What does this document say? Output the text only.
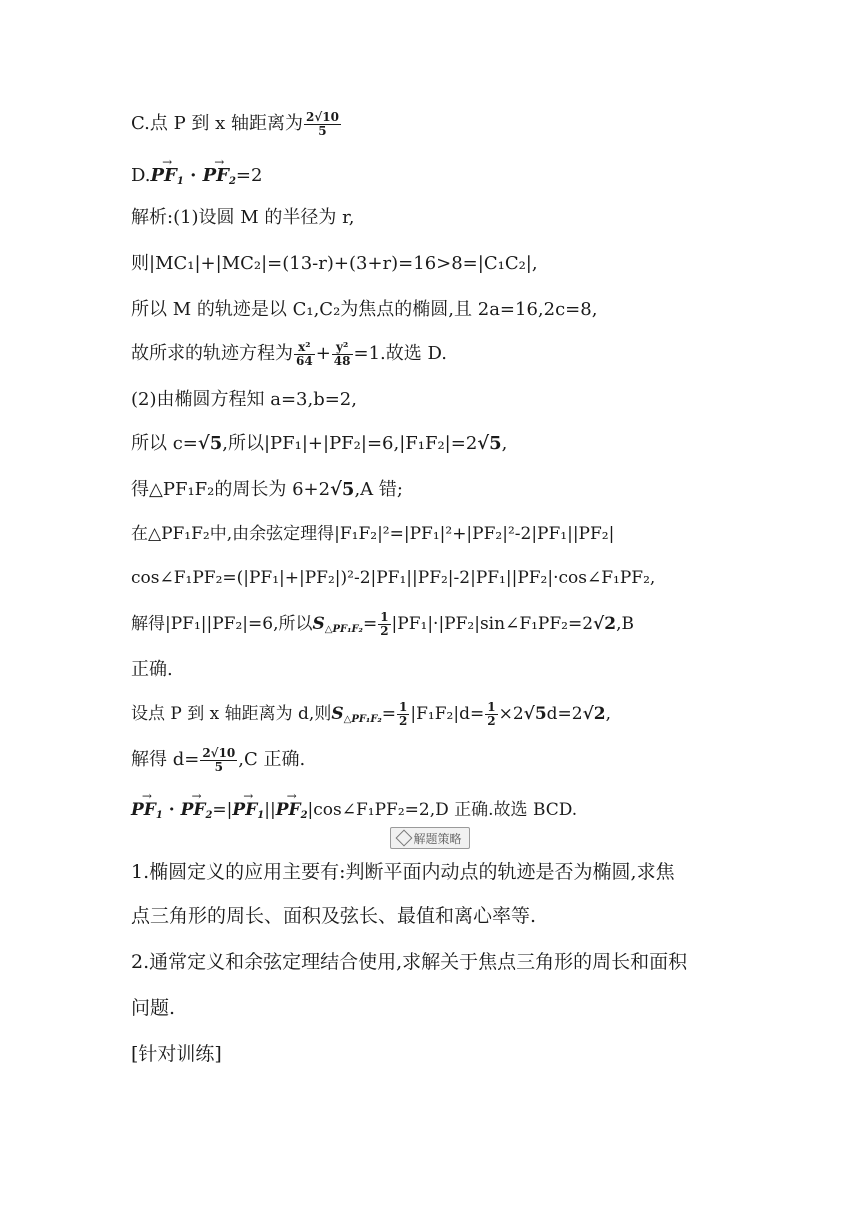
C.点 P 到 x 轴距离为 $\frac{2√10}{5}$
$D.\to PF_1$ · → $PF_2=2$
解析:(1)设圆 M 的半径为 r,
则|MC₁|+|MC₂|=(13-r)+(3+r)=16>8=|C₁C₂|,
所以 M 的轨迹是以 C₁,C₂为焦点的椭圆,且 2a=16,2c=8,
故所求的轨迹方程为 $\frac{\text{x²}}{64} + \frac{\text{y²}}{48} =1$.故选 D.
(2)由椭圆方程知 a=3,b=2,
所以 c=√5,所以|PF₁|+|PF₂|=6,|F₁F₂|=2√5,
得△PF₁F₂的周长为 6+2√5,A 错;
在△PF₁F₂中,由余弦定理得|F₁F₂|²=|PF₁|²+|PF₂|²-2|PF₁||PF₂|
cos∠F₁PF₂=(|PF₁|+|PF₂|)²-2|PF₁||PF₂|-2|PF₁||PF₂|·cos∠F₁PF₂,
解得|PF₁||PF₂|=6,所以$S_{\triangle PF_1F_2}= \frac{1}{2}$ |PF₁|·|PF₂|sin∠F₁PF₂=2√2,B
正确.
设点 P 到 x 轴距离为 d,则$S_{\triangle PF_1F_2}= \frac{1}{2} |F_1F_2|d= \frac{1}{2} \times 2√5d=2√2$,
解得 $d= \frac{2√10}{5} ,C$ 正确.
→ $PF_1$ · → $PF_2=|\to PF_1||\to$ $PF_2|\cos\angle F_1PF_2=2,D$ 正确.故选 BCD.
解题策略
1.椭圆定义的应用主要有:判断平面内动点的轨迹是否为椭圆,求焦
点三角形的周长、面积及弦长、最值和离心率等.
2.通常定义和余弦定理结合使用,求解关于焦点三角形的周长和面积
问题.
[针对训练]
